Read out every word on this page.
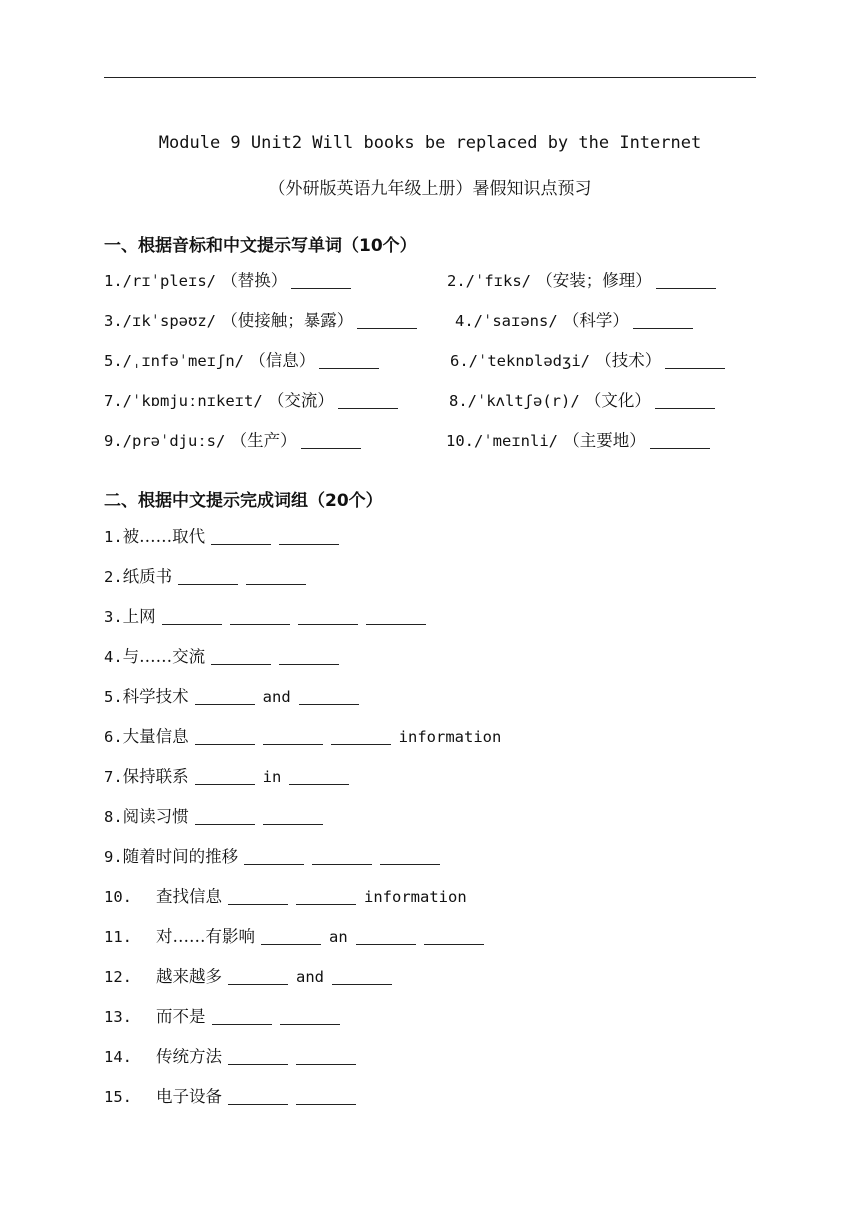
Module 9 Unit2 Will books be replaced by the Internet
（外研版英语九年级上册）暑假知识点预习
一、根据音标和中文提示写单词（10个）
1./rɪˈpleɪs/ （替换）	2./ˈfɪks/ （安装；修理）
3./ɪkˈspəʊz/ （使接触；暴露）	4./ˈsaɪəns/ （科学）
5./ˌɪnfəˈmeɪʃn/ （信息）	6./ˈteknɒlədʒi/ （技术）
7./ˈkɒmjuːnɪkeɪt/ （交流）	8./ˈkʌltʃə(r)/ （文化）
9./prəˈdjuːs/ （生产）	10./ˈmeɪnli/ （主要地）
二、根据中文提示完成词组（20个）
1.被……取代
2.纸质书
3.上网
4.与……交流
5.科学技术	and
6.大量信息	information
7.保持联系	in
8.阅读习惯
9.随着时间的推移
10. 查找信息	information
11. 对……有影响	an
12. 越来越多	and
13. 而不是
14. 传统方法
15. 电子设备
